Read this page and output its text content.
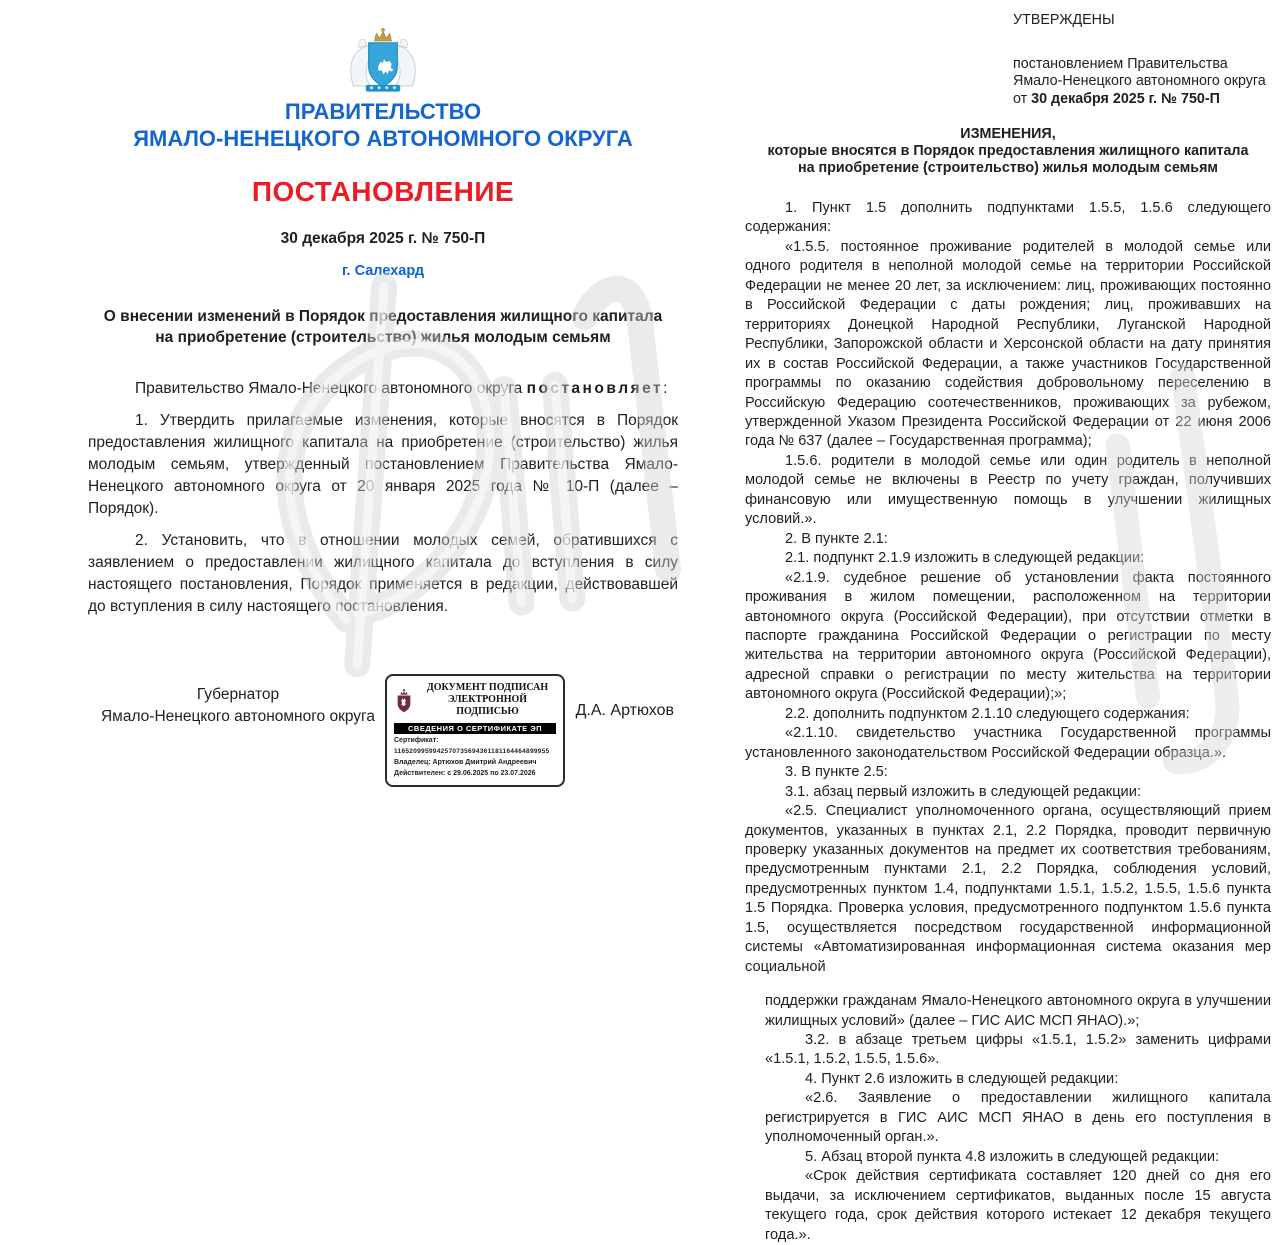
ПРАВИТЕЛЬСТВО
ЯМАЛО-НЕНЕЦКОГО АВТОНОМНОГО ОКРУГА
ПОСТАНОВЛЕНИЕ
30 декабря 2025 г. № 750-П
г. Салехард
О внесении изменений в Порядок предоставления жилищного капитала
на приобретение (строительство) жилья молодым семьям

Правительство Ямало-Ненецкого автономного округа постановляет:

1. Утвердить прилагаемые изменения, которые вносятся в Порядок предоставления жилищного капитала на приобретение (строительство) жилья молодым семьям, утвержденный постановлением Правительства Ямало-Ненецкого автономного округа от 20 января 2025 года № 10-П (далее – Порядок).

2. Установить, что в отношении молодых семей, обратившихся с заявлением о предоставлении жилищного капитала до вступления в силу настоящего постановления, Порядок применяется в редакции, действовавшей до вступления в силу настоящего постановления.

Губернатор
Ямало-Ненецкого автономного округа
ДОКУМЕНТ ПОДПИСАН
ЭЛЕКТРОННОЙ ПОДПИСЬЮ
СВЕДЕНИЯ О СЕРТИФИКАТЕ ЭП
Сертификат:
1165209959942570735694361181164464899955
Владелец: Артюхов Дмитрий Андреевич
Действителен: с 29.06.2025 по 23.07.2026
Д.А. Артюхов
УТВЕРЖДЕНЫ
постановлением Правительства
Ямало-Ненецкого автономного округа
от 30 декабря 2025 г. № 750-П
ИЗМЕНЕНИЯ,
которые вносятся в Порядок предоставления жилищного капитала
на приобретение (строительство) жилья молодым семьям

1. Пункт 1.5 дополнить подпунктами 1.5.5, 1.5.6 следующего содержания:

«1.5.5. постоянное проживание родителей в молодой семье или одного родителя в неполной молодой семье на территории Российской Федерации не менее 20 лет, за исключением: лиц, проживающих постоянно в Российской Федерации с даты рождения; лиц, проживавших на территориях Донецкой Народной Республики, Луганской Народной Республики, Запорожской области и Херсонской области на дату принятия их в состав Российской Федерации, а также участников Государственной программы по оказанию содействия добровольному переселению в Российскую Федерацию соотечественников, проживающих за рубежом, утвержденной Указом Президента Российской Федерации от 22 июня 2006 года № 637 (далее – Государственная программа);

1.5.6. родители в молодой семье или один родитель в неполной молодой семье не включены в Реестр по учету граждан, получивших финансовую или имущественную помощь в улучшении жилищных условий.».

2. В пункте 2.1:

2.1. подпункт 2.1.9 изложить в следующей редакции:

«2.1.9. судебное решение об установлении факта постоянного проживания в жилом помещении, расположенном на территории автономного округа (Российской Федерации), при отсутствии отметки в паспорте гражданина Российской Федерации о регистрации по месту жительства на территории автономного округа (Российской Федерации), адресной справки о регистрации по месту жительства на территории автономного округа (Российской Федерации);»;

2.2. дополнить подпунктом 2.1.10 следующего содержания:

«2.1.10. свидетельство участника Государственной программы установленного законодательством Российской Федерации образца.».

3. В пункте 2.5:

3.1. абзац первый изложить в следующей редакции:

«2.5. Специалист уполномоченного органа, осуществляющий прием документов, указанных в пунктах 2.1, 2.2 Порядка, проводит первичную проверку указанных документов на предмет их соответствия требованиям, предусмотренным пунктами 2.1, 2.2 Порядка, соблюдения условий, предусмотренных пунктом 1.4, подпунктами 1.5.1, 1.5.2, 1.5.5, 1.5.6 пункта 1.5 Порядка. Проверка условия, предусмотренного подпунктом 1.5.6 пункта 1.5, осуществляется посредством государственной информационной системы «Автоматизированная информационная система оказания мер социальной

поддержки гражданам Ямало-Ненецкого автономного округа в улучшении жилищных условий» (далее – ГИС АИС МСП ЯНАО).»;

3.2. в абзаце третьем цифры «1.5.1, 1.5.2» заменить цифрами «1.5.1, 1.5.2, 1.5.5, 1.5.6».

4. Пункт 2.6 изложить в следующей редакции:

«2.6. Заявление о предоставлении жилищного капитала регистрируется в ГИС АИС МСП ЯНАО в день его поступления в уполномоченный орган.».

5. Абзац второй пункта 4.8 изложить в следующей редакции:

«Срок действия сертификата составляет 120 дней со дня его выдачи, за исключением сертификатов, выданных после 15 августа текущего года, срок действия которого истекает 12 декабря текущего года.».
